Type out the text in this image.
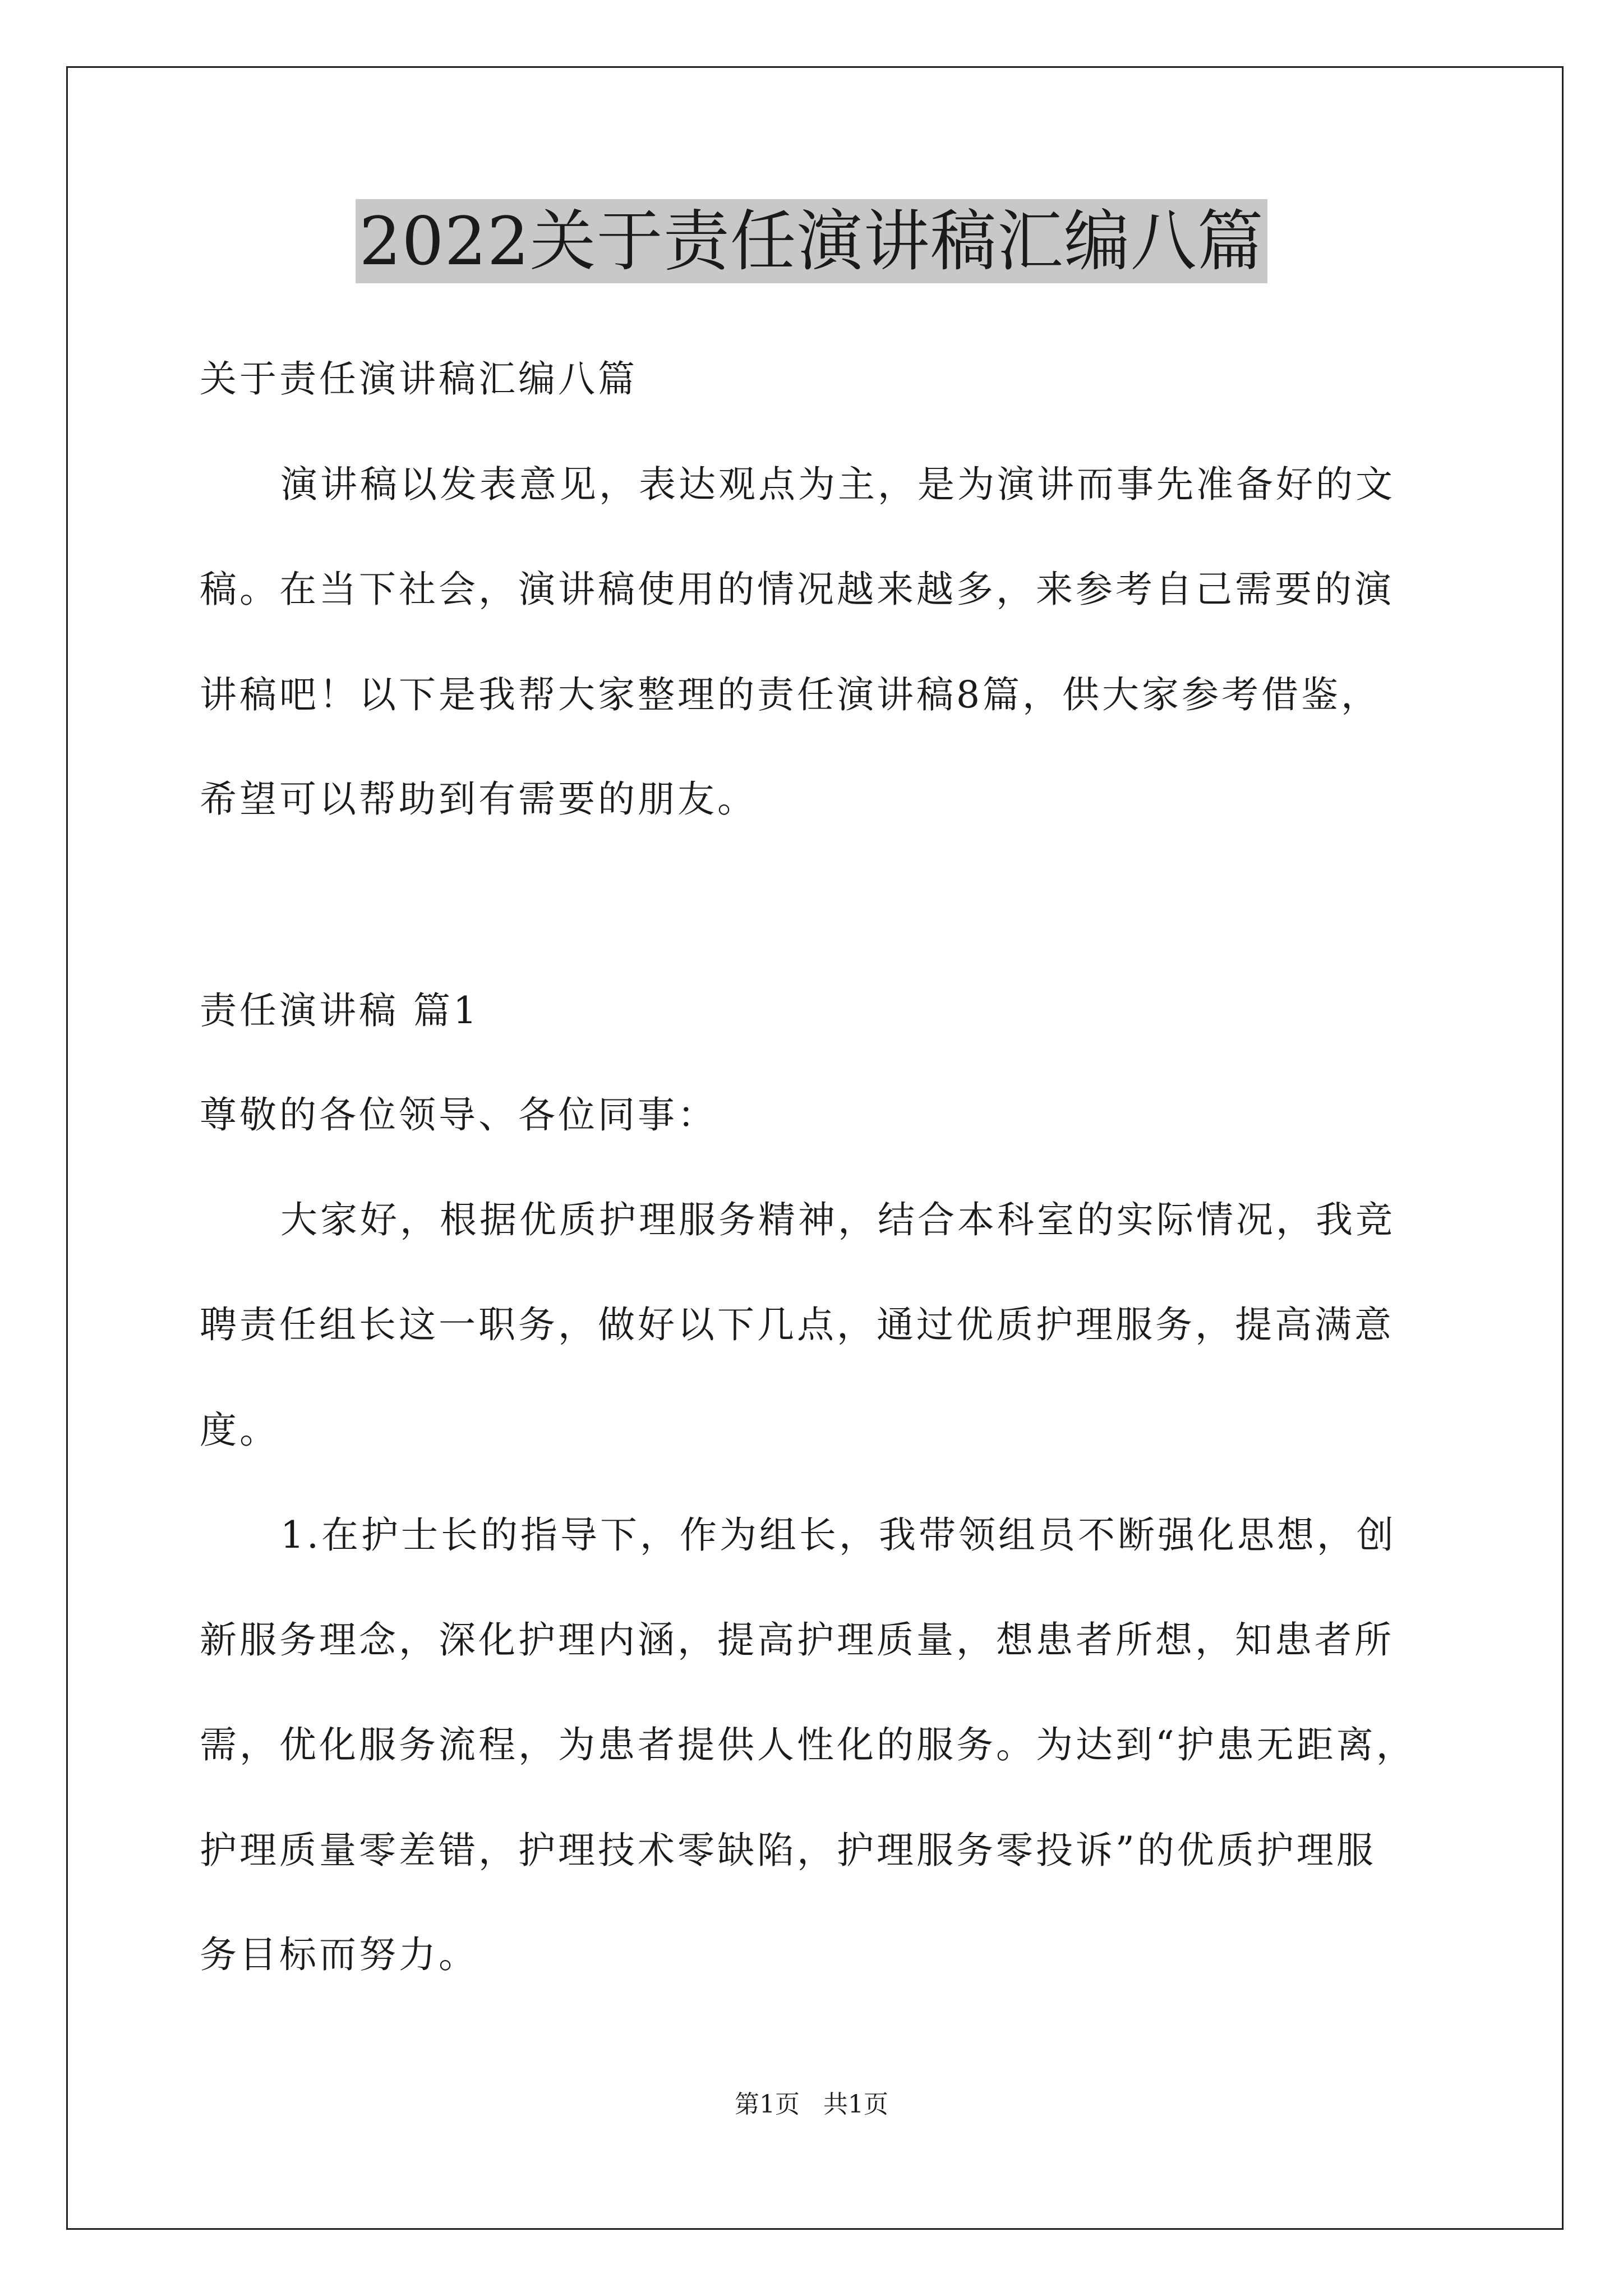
2022关于责任演讲稿汇编八篇
关于责任演讲稿汇编八篇
演讲稿以发表意见，表达观点为主，是为演讲而事先准备好的文
稿。在当下社会，演讲稿使用的情况越来越多，来参考自己需要的演
讲稿吧！以下是我帮大家整理的责任演讲稿8篇，供大家参考借鉴，
希望可以帮助到有需要的朋友。
责任演讲稿 篇1
尊敬的各位领导、各位同事：
大家好，根据优质护理服务精神，结合本科室的实际情况，我竞
聘责任组长这一职务，做好以下几点，通过优质护理服务，提高满意
度。
1.在护士长的指导下，作为组长，我带领组员不断强化思想，创
新服务理念，深化护理内涵，提高护理质量，想患者所想，知患者所
需，优化服务流程，为患者提供人性化的服务。为达到“护患无距离，
护理质量零差错，护理技术零缺陷，护理服务零投诉”的优质护理服
务目标而努力。
第1页   共1页
